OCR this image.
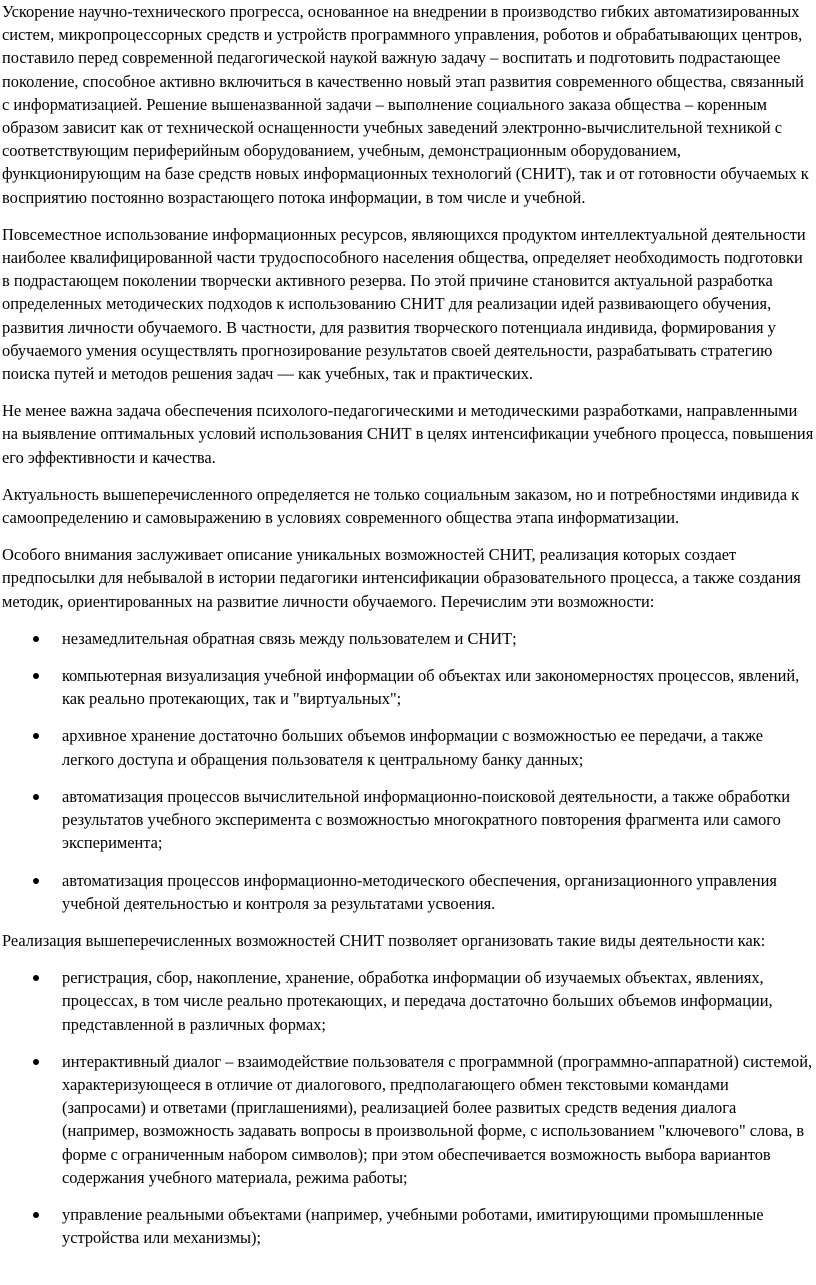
Ускорение научно-технического прогресса, основанное на внедрении в производство гибких автоматизированных систем, микропроцессорных средств и устройств программного управления, роботов и обрабатывающих центров, поставило перед современной педагогической наукой важную задачу – воспитать и подготовить подрастающее поколение, способное активно включиться в качественно новый этап развития современного общества, связанный с информатизацией. Решение вышеназванной задачи – выполнение социального заказа общества – коренным образом зависит как от технической оснащенности учебных заведений электронно-вычислительной техникой с соответствующим периферийным оборудованием, учебным, демонстрационным оборудованием, функционирующим на базе средств новых информационных технологий (СНИТ), так и от готовности обучаемых к восприятию постоянно возрастающего потока информации, в том числе и учебной.

Повсеместное использование информационных ресурсов, являющихся продуктом интеллектуальной деятельности наиболее квалифицированной части трудоспособного населения общества, определяет необходимость подготовки в подрастающем поколении творчески активного резерва. По этой причине становится актуальной разработка определенных методических подходов к использованию СНИТ для реализации идей развивающего обучения, развития личности обучаемого. В частности, для развития творческого потенциала индивида, формирования у обучаемого умения осуществлять прогнозирование результатов своей деятельности, разрабатывать стратегию поиска путей и методов решения задач — как учебных, так и практических.

Не менее важна задача обеспечения психолого-педагогическими и методическими разработками, направленными на выявление оптимальных условий использования СНИТ в целях интенсификации учебного процесса, повышения его эффективности и качества.

Актуальность вышеперечисленного определяется не только социальным заказом, но и потребностями индивида к самоопределению и самовыражению в условиях современного общества этапа информатизации.

Особого внимания заслуживает описание уникальных возможностей СНИТ, реализация которых создает предпосылки для небывалой в истории педагогики интенсификации образовательного процесса, а также создания методик, ориентированных на развитие личности обучаемого. Перечислим эти возможности:

незамедлительная обратная связь между пользователем и СНИТ;
компьютерная визуализация учебной информации об объектах или закономерностях процессов, явлений, как реально протекающих, так и "виртуальных";
архивное хранение достаточно больших объемов информации с возможностью ее передачи, а также легкого доступа и обращения пользователя к центральному банку данных;
автоматизация процессов вычислительной информационно-поисковой деятельности, а также обработки результатов учебного эксперимента с возможностью многократного повторения фрагмента или самого эксперимента;
автоматизация процессов информационно-методического обеспечения, организационного управления учебной деятельностью и контроля за результатами усвоения.

Реализация вышеперечисленных возможностей СНИТ позволяет организовать такие виды деятельности как:

регистрация, сбор, накопление, хранение, обработка информации об изучаемых объектах, явлениях, процессах, в том числе реально протекающих, и передача достаточно больших объемов информации, представленной в различных формах;
интерактивный диалог – взаимодействие пользователя с программной (программно-аппаратной) системой, характеризующееся в отличие от диалогового, предполагающего обмен текстовыми командами (запросами) и ответами (приглашениями), реализацией более развитых средств ведения диалога (например, возможность задавать вопросы в произвольной форме, с использованием "ключевого" слова, в форме с ограниченным набором символов); при этом обеспечивается возможность выбора вариантов содержания учебного материала, режима работы;
управление реальными объектами (например, учебными роботами, имитирующими промышленные устройства или механизмы);
